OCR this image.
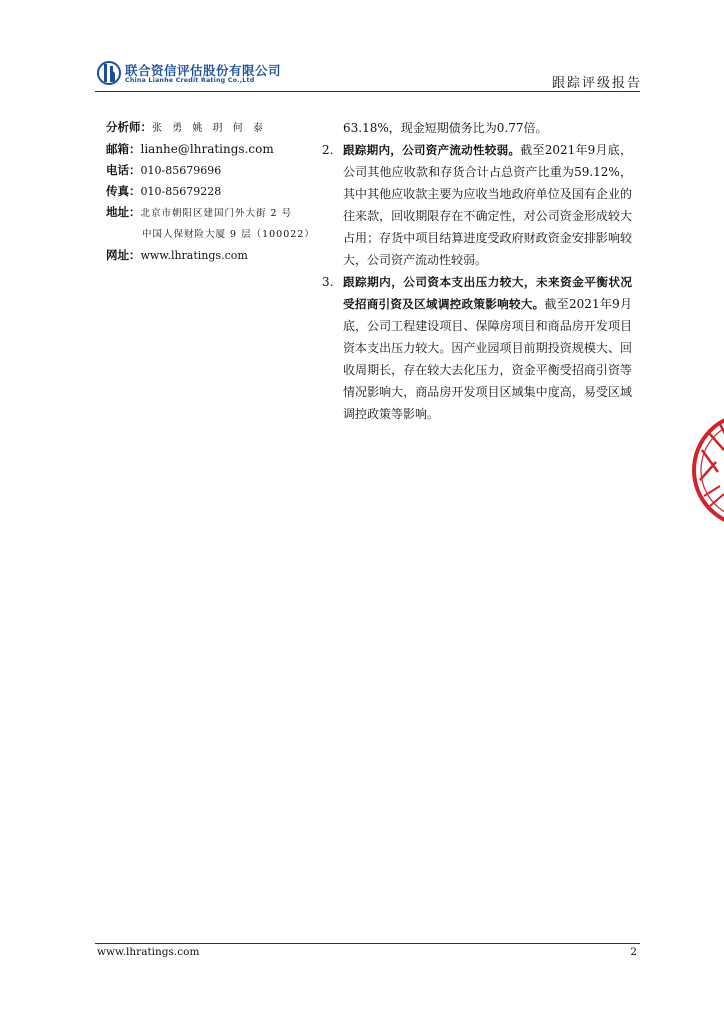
联合资信评估股份有限公司
China Lianhe Credit Rating Co.,Ltd	跟踪评级报告
分析师：张 勇 姚 玥 何 泰
邮箱：lianhe@lhratings.com
电话：010-85679696
传真：010-85679228
地址：北京市朝阳区建国门外大街 2 号
中国人保财险大厦 9 层（100022）
网址：www.lhratings.com
63.18%，现金短期债务比为0.77倍。
2. 跟踪期内，公司资产流动性较弱。截至2021年9月底，公司其他应收款和存货合计占总资产比重为59.12%，其中其他应收款主要为应收当地政府单位及国有企业的往来款，回收期限存在不确定性，对公司资金形成较大占用；存货中项目结算进度受政府财政资金安排影响较大，公司资产流动性较弱。
3. 跟踪期内，公司资本支出压力较大，未来资金平衡状况受招商引资及区域调控政策影响较大。截至2021年9月底，公司工程建设项目、保障房项目和商品房开发项目资本支出压力较大。因产业园项目前期投资规模大、回收周期长，存在较大去化压力，资金平衡受招商引资等情况影响大，商品房开发项目区域集中度高，易受区域调控政策等影响。
www.lhratings.com	2
